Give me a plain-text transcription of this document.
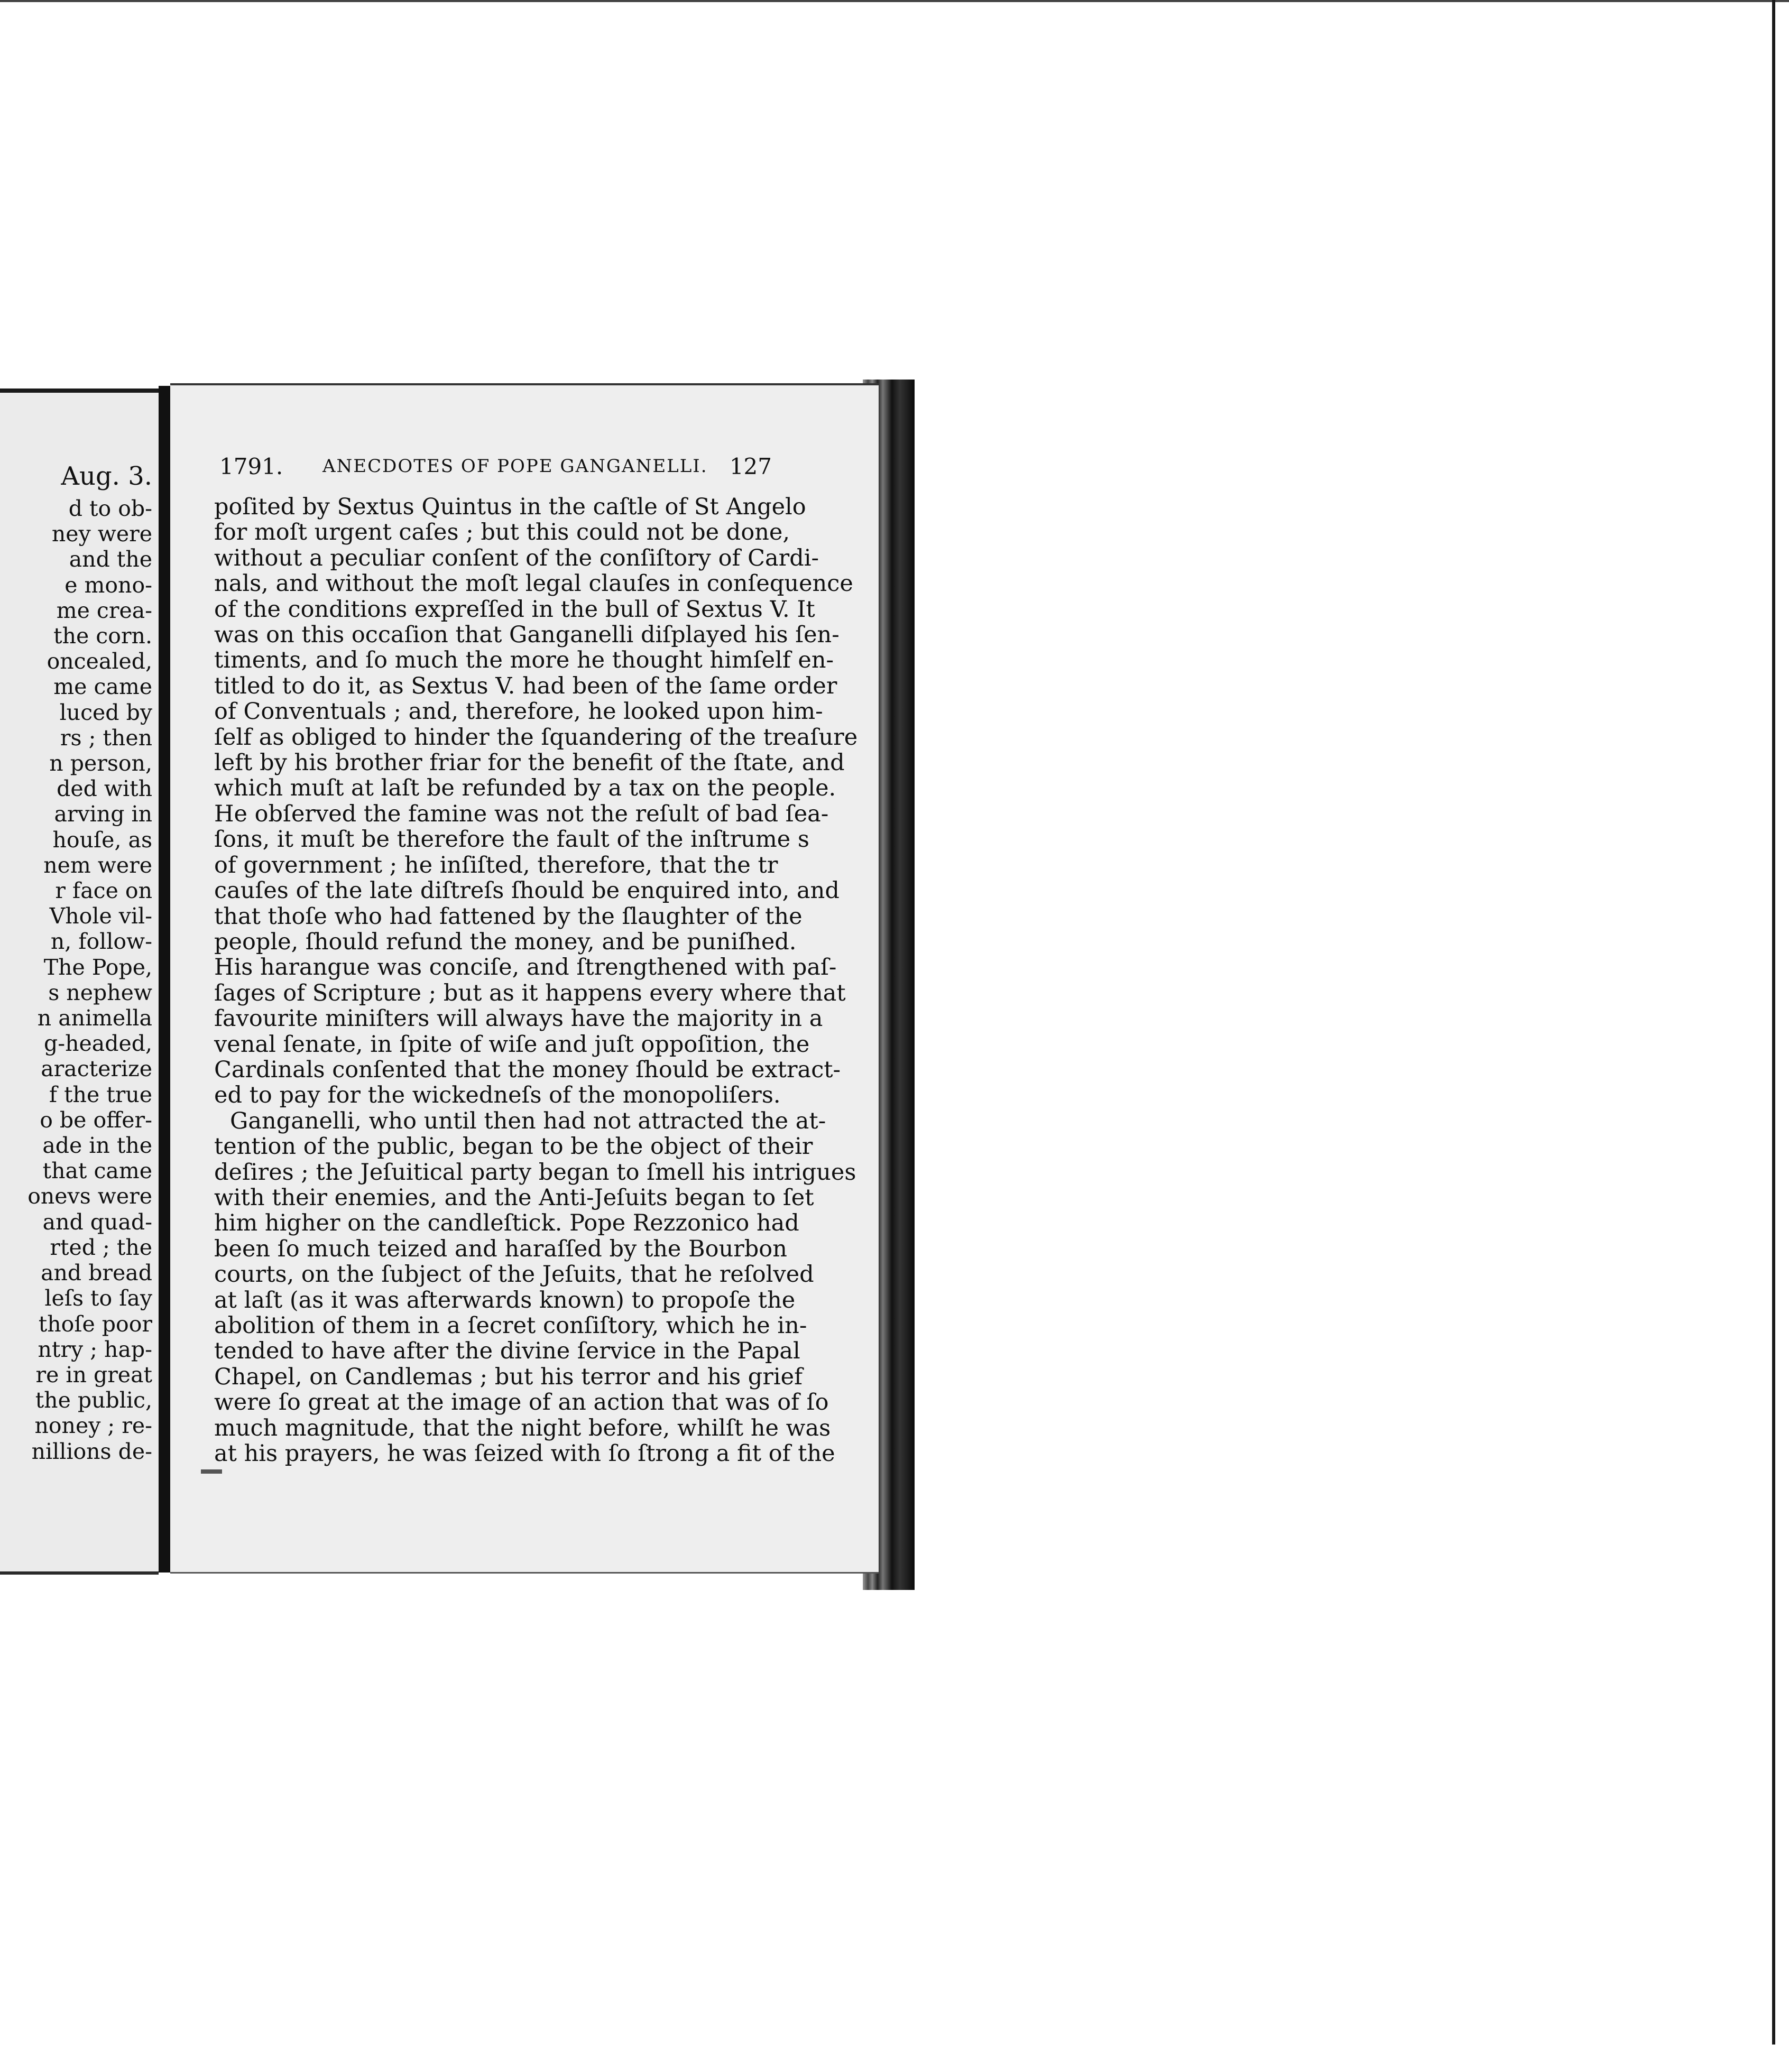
Aug. 3.
d to ob-
ney were
and the
e mono-
me crea-
the corn.
oncealed,
me came
luced by
rs ; then
n person,
ded with
arving in
houſe, as
nem were
r face on
Vhole vil-
n, follow-
The Pope,
s nephew
n animella
g-headed,
aracterize
f the true
o be offer-
ade in the
that came
onevs were
and quad-
rted ; the
and bread
leſs to ſay
thoſe poor
ntry ; hap-
re in great
the public,
noney ; re-
nillions de-
1791. ANECDOTES OF POPE GANGANELLI. 127
poſited by Sextus Quintus in the caſtle of St Angelo
for moſt urgent caſes ; but this could not be done,
without a peculiar conſent of the conſiſtory of Cardi-
nals, and without the moſt legal clauſes in conſequence
of the conditions expreſſed in the bull of Sextus V. It
was on this occaſion that Ganganelli diſplayed his ſen-
timents, and ſo much the more he thought himſelf en-
titled to do it, as Sextus V. had been of the ſame order
of Conventuals ; and, therefore, he looked upon him-
ſelf as obliged to hinder the ſquandering of the treaſure
left by his brother friar for the benefit of the ſtate, and
which muſt at laſt be refunded by a tax on the people.
He obſerved the famine was not the reſult of bad ſea-
ſons, it muſt be therefore the fault of the inſtrume s
of government ; he inſiſted, therefore, that the tr
cauſes of the late diſtreſs ſhould be enquired into, and
that thoſe who had fattened by the ſlaughter of the
people, ſhould refund the money, and be puniſhed.
His harangue was conciſe, and ſtrengthened with paſ-
ſages of Scripture ; but as it happens every where that
favourite miniſters will always have the majority in a
venal ſenate, in ſpite of wiſe and juſt oppoſition, the
Cardinals conſented that the money ſhould be extract-
ed to pay for the wickedneſs of the monopoliſers.
Ganganelli, who until then had not attracted the at-
tention of the public, began to be the object of their
deſires ; the Jeſuitical party began to ſmell his intrigues
with their enemies, and the Anti-Jeſuits began to ſet
him higher on the candleſtick. Pope Rezzonico had
been ſo much teized and haraſſed by the Bourbon
courts, on the ſubject of the Jeſuits, that he reſolved
at laſt (as it was afterwards known) to propoſe the
abolition of them in a ſecret conſiſtory, which he in-
tended to have after the divine ſervice in the Papal
Chapel, on Candlemas ; but his terror and his grief
were ſo great at the image of an action that was of ſo
much magnitude, that the night before, whilſt he was
at his prayers, he was ſeized with ſo ſtrong a fit of the
